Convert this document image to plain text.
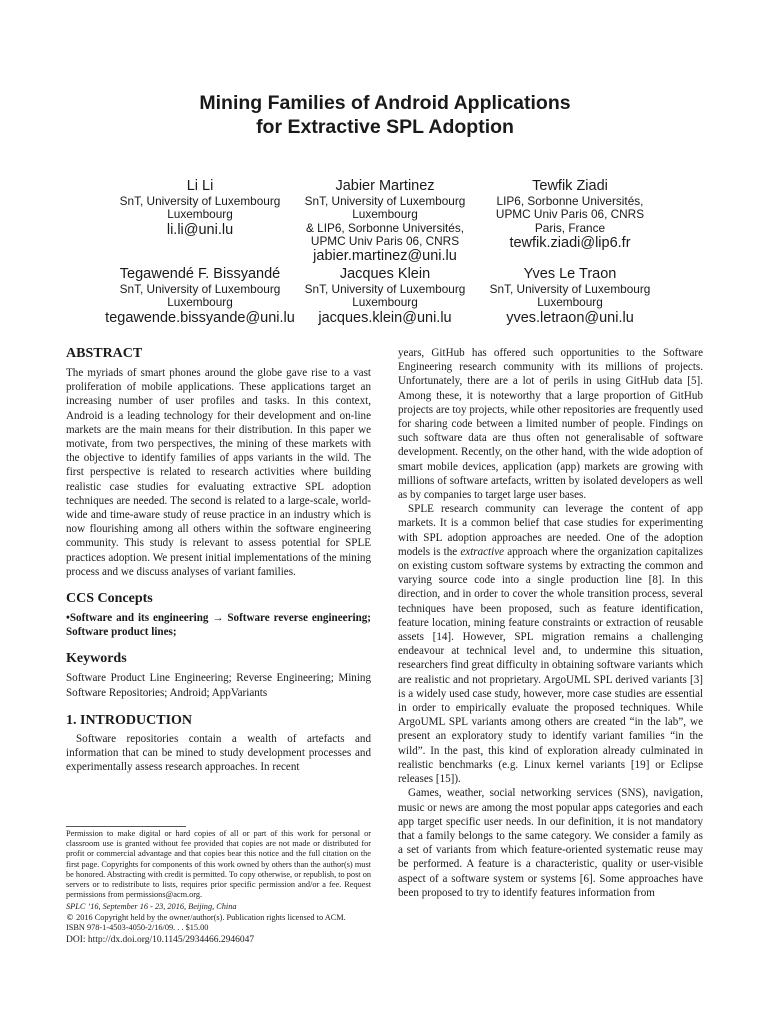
Mining Families of Android Applications
for Extractive SPL Adoption
Li Li
SnT, University of Luxembourg
Luxembourg
li.li@uni.lu
Jabier Martinez
SnT, University of Luxembourg
Luxembourg
& LIP6, Sorbonne Universités,
UPMC Univ Paris 06, CNRS
jabier.martinez@uni.lu
Tewfik Ziadi
LIP6, Sorbonne Universités,
UPMC Univ Paris 06, CNRS
Paris, France
tewfik.ziadi@lip6.fr
Tegawendé F. Bissyandé
SnT, University of Luxembourg
Luxembourg
tegawende.bissyande@uni.lu
Jacques Klein
SnT, University of Luxembourg
Luxembourg
jacques.klein@uni.lu
Yves Le Traon
SnT, University of Luxembourg
Luxembourg
yves.letraon@uni.lu
ABSTRACT

The myriads of smart phones around the globe gave rise to a vast proliferation of mobile applications. These applications target an increasing number of user profiles and tasks. In this context, Android is a leading technology for their development and on-line markets are the main means for their distribution. In this paper we motivate, from two perspectives, the mining of these markets with the objective to identify families of apps variants in the wild. The first perspective is related to research activities where building realistic case studies for evaluating extractive SPL adoption techniques are needed. The second is related to a large-scale, world-wide and time-aware study of reuse practice in an industry which is now flourishing among all others within the software engineering community. This study is relevant to assess potential for SPLE practices adoption. We present initial implementations of the mining process and we discuss analyses of variant families.

CCS Concepts

•Software and its engineering → Software reverse engineering; Software product lines;

Keywords

Software Product Line Engineering; Reverse Engineering; Mining Software Repositories; Android; AppVariants

1. INTRODUCTION

Software repositories contain a wealth of artefacts and information that can be mined to study development processes and experimentally assess research approaches. In recent

Permission to make digital or hard copies of all or part of this work for personal or classroom use is granted without fee provided that copies are not made or distributed for profit or commercial advantage and that copies bear this notice and the full citation on the first page. Copyrights for components of this work owned by others than the author(s) must be honored. Abstracting with credit is permitted. To copy otherwise, or republish, to post on servers or to redistribute to lists, requires prior specific permission and/or a fee. Request permissions from permissions@acm.org.

SPLC ’16, September 16 - 23, 2016, Beijing, China

© 2016 Copyright held by the owner/author(s). Publication rights licensed to ACM.

ISBN 978-1-4503-4050-2/16/09. . . $15.00

DOI: http://dx.doi.org/10.1145/2934466.2946047

years, GitHub has offered such opportunities to the Software Engineering research community with its millions of projects. Unfortunately, there are a lot of perils in using GitHub data [5]. Among these, it is noteworthy that a large proportion of GitHub projects are toy projects, while other repositories are frequently used for sharing code between a limited number of people. Findings on such software data are thus often not generalisable of software development. Recently, on the other hand, with the wide adoption of smart mobile devices, application (app) markets are growing with millions of software artefacts, written by isolated developers as well as by companies to target large user bases.

SPLE research community can leverage the content of app markets. It is a common belief that case studies for experimenting with SPL adoption approaches are needed. One of the adoption models is the extractive approach where the organization capitalizes on existing custom software systems by extracting the common and varying source code into a single production line [8]. In this direction, and in order to cover the whole transition process, several techniques have been proposed, such as feature identification, feature location, mining feature constraints or extraction of reusable assets [14]. However, SPL migration remains a challenging endeavour at technical level and, to undermine this situation, researchers find great difficulty in obtaining software variants which are realistic and not proprietary. ArgoUML SPL derived variants [3] is a widely used case study, however, more case studies are essential in order to empirically evaluate the proposed techniques. While ArgoUML SPL variants among others are created “in the lab”, we present an exploratory study to identify variant families “in the wild”. In the past, this kind of exploration already culminated in realistic benchmarks (e.g. Linux kernel variants [19] or Eclipse releases [15]).

Games, weather, social networking services (SNS), navigation, music or news are among the most popular apps categories and each app target specific user needs. In our definition, it is not mandatory that a family belongs to the same category. We consider a family as a set of variants from which feature-oriented systematic reuse may be performed. A feature is a characteristic, quality or user-visible aspect of a software system or systems [6]. Some approaches have been proposed to try to identify features information from
